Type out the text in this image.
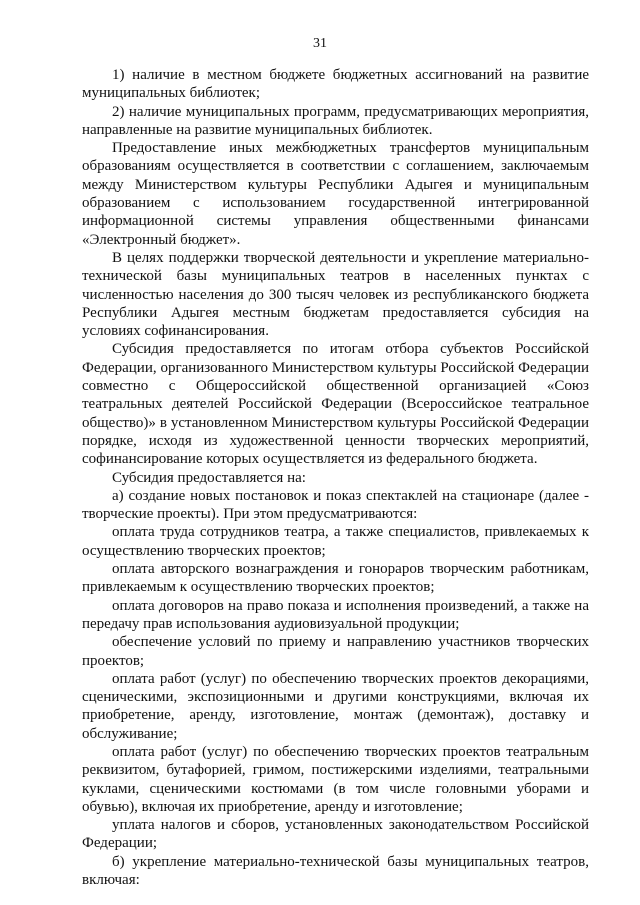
31

1) наличие в местном бюджете бюджетных ассигнований на развитие муниципальных библиотек;

2) наличие муниципальных программ, предусматривающих мероприятия, направленные на развитие муниципальных библиотек.

Предоставление иных межбюджетных трансфертов муниципальным образованиям осуществляется в соответствии с соглашением, заключаемым между Министерством культуры Республики Адыгея и муниципальным образованием с использованием государственной интегрированной информационной системы управления общественными финансами «Электронный бюджет».

В целях поддержки творческой деятельности и укрепление материально-технической базы муниципальных театров в населенных пунктах с численностью населения до 300 тысяч человек из республиканского бюджета Республики Адыгея местным бюджетам предоставляется субсидия на условиях софинансирования.

Субсидия предоставляется по итогам отбора субъектов Российской Федерации, организованного Министерством культуры Российской Федерации совместно с Общероссийской общественной организацией «Союз театральных деятелей Российской Федерации (Всероссийское театральное общество)» в установленном Министерством культуры Российской Федерации порядке, исходя из художественной ценности творческих мероприятий, софинансирование которых осуществляется из федерального бюджета.

Субсидия предоставляется на:

а) создание новых постановок и показ спектаклей на стационаре (далее - творческие проекты). При этом предусматриваются:

оплата труда сотрудников театра, а также специалистов, привлекаемых к осуществлению творческих проектов;

оплата авторского вознаграждения и гонораров творческим работникам, привлекаемым к осуществлению творческих проектов;

оплата договоров на право показа и исполнения произведений, а также на передачу прав использования аудиовизуальной продукции;

обеспечение условий по приему и направлению участников творческих проектов;

оплата работ (услуг) по обеспечению творческих проектов декорациями, сценическими, экспозиционными и другими конструкциями, включая их приобретение, аренду, изготовление, монтаж (демонтаж), доставку и обслуживание;

оплата работ (услуг) по обеспечению творческих проектов театральным реквизитом, бутафорией, гримом, постижерскими изделиями, театральными куклами, сценическими костюмами (в том числе головными уборами и обувью), включая их приобретение, аренду и изготовление;

уплата налогов и сборов, установленных законодательством Российской Федерации;

б) укрепление материально-технической базы муниципальных театров, включая:
